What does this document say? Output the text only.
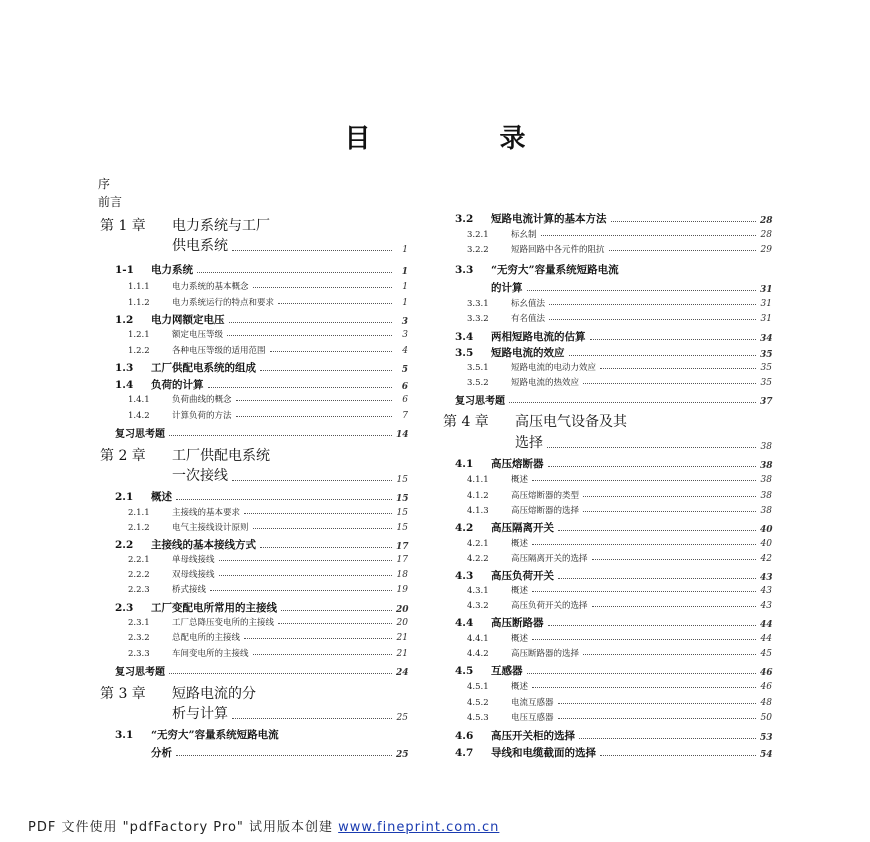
目 录
序
前言
第 1 章 电力系统与工厂
供电系统	1
1-1 电力系统	1
1.1.1	电力系统的基本概念	1
1.1.2	电力系统运行的特点和要求	1
1.2 电力网额定电压	3
1.2.1	额定电压等级	3
1.2.2	各种电压等级的适用范围	4
1.3 工厂供配电系统的组成	5
1.4 负荷的计算	6
1.4.1	负荷曲线的概念	6
1.4.2	计算负荷的方法	7
复习思考题	14
第 2 章 工厂供配电系统
一次接线	15
2.1 概述	15
2.1.1	主接线的基本要求	15
2.1.2	电气主接线设计原则	15
2.2 主接线的基本接线方式	17
2.2.1	单母线接线	17
2.2.2	双母线接线	18
2.2.3	桥式接线	19
2.3 工厂变配电所常用的主接线	20
2.3.1	工厂总降压变电所的主接线	20
2.3.2	总配电所的主接线	21
2.3.3	车间变电所的主接线	21
复习思考题	24
第 3 章 短路电流的分
析与计算	25
3.1 “无穷大”容量系统短路电流
分析	25
3.2 短路电流计算的基本方法	28
3.2.1	标幺制	28
3.2.2	短路回路中各元件的阻抗	29
3.3 “无穷大”容量系统短路电流
的计算	31
3.3.1	标幺值法	31
3.3.2	有名值法	31
3.4 两相短路电流的估算	34
3.5 短路电流的效应	35
3.5.1	短路电流的电动力效应	35
3.5.2	短路电流的热效应	35
复习思考题	37
第 4 章 高压电气设备及其
选择	38
4.1 高压熔断器	38
4.1.1	概述	38
4.1.2	高压熔断器的类型	38
4.1.3	高压熔断器的选择	38
4.2 高压隔离开关	40
4.2.1	概述	40
4.2.2	高压隔离开关的选择	42
4.3 高压负荷开关	43
4.3.1	概述	43
4.3.2	高压负荷开关的选择	43
4.4 高压断路器	44
4.4.1	概述	44
4.4.2	高压断路器的选择	45
4.5 互感器	46
4.5.1	概述	46
4.5.2	电流互感器	48
4.5.3	电压互感器	50
4.6 高压开关柜的选择	53
4.7 导线和电缆截面的选择	54
PDF 文件使用 "pdfFactory Pro" 试用版本创建 www.fineprint.com.cn
